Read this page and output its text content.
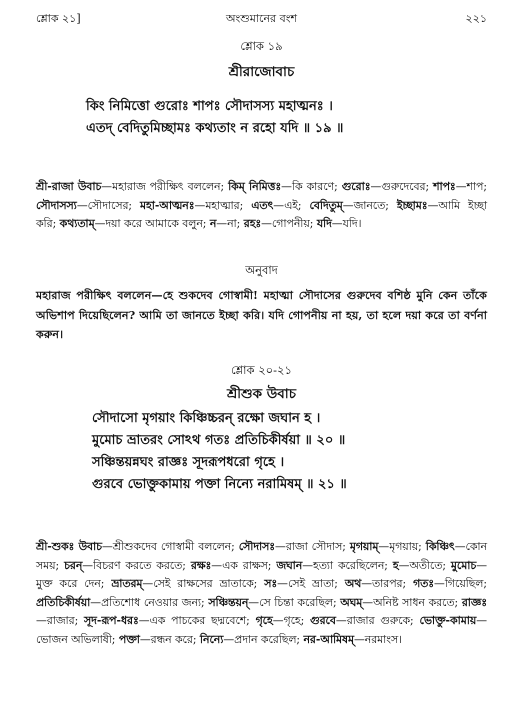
শ্লোক ২১]	অংশুমানের বংশ	২২১
শ্লোক ১৯
শ্রীরাজোবাচ
কিং নিমিত্তো গুরোঃ শাপঃ সৌদাসস্য মহাত্মনঃ ।
এতদ্ বেদিতুমিচ্ছামঃ কথ্যতাং ন রহো যদি ॥ ১৯ ॥
শ্রী-রাজা উবাচ—মহারাজ পরীক্ষিৎ বললেন; কিম্ নিমিত্তঃ—কি কারণে; গুরোঃ—গুরুদেবের; শাপঃ—শাপ; সৌদাসস্য—সৌদাসের; মহা-আত্মনঃ—মহাত্মার; এতৎ—এই; বেদিতুম্—জানতে; ইচ্ছামঃ—আমি ইচ্ছা করি; কথ্যতাম্—দয়া করে আমাকে বলুন; ন—না; রহঃ—গোপনীয়; যদি—যদি।
অনুবাদ
মহারাজ পরীক্ষিৎ বললেন—হে শুকদেব গোস্বামী! মহাত্মা সৌদাসের গুরুদেব বশিষ্ঠ মুনি কেন তাঁকে অভিশাপ দিয়েছিলেন? আমি তা জানতে ইচ্ছা করি। যদি গোপনীয় না হয়, তা হলে দয়া করে তা বর্ণনা করুন।
শ্লোক ২০-২১
শ্রীশুক উবাচ
সৌদাসো মৃগয়াং কিঞ্চিচ্চরন্ রক্ষো জঘান হ ।
মুমোচ ভ্রাতরং সোঽথ গতঃ প্রতিচিকীর্ষয়া ॥ ২০ ॥
সঞ্চিন্তয়ন্নঘং রাজ্ঞঃ সূদরূপধরো গৃহে ।
গুরবে ভোক্তুকামায় পক্তা নিন্যে নরামিষম্ ॥ ২১ ॥
শ্রী-শুকঃ উবাচ—শ্রীশুকদেব গোস্বামী বললেন; সৌদাসঃ—রাজা সৌদাস; মৃগয়াম্—মৃগয়ায়; কিঞ্চিৎ—কোন সময়; চরন্—বিচরণ করতে করতে; রক্ষঃ—এক রাক্ষস; জঘান—হত্যা করেছিলেন; হ—অতীতে; মুমোচ—মুক্ত করে দেন; ভ্রাতরম্—সেই রাক্ষসের ভ্রাতাকে; সঃ—সেই ভ্রাতা; অথ—তারপর; গতঃ—গিয়েছিল; প্রতিচিকীর্ষয়া—প্রতিশোধ নেওয়ার জন্য; সঞ্চিন্তয়ন্—সে চিন্তা করেছিল; অঘম্—অনিষ্ট সাধন করতে; রাজ্ঞঃ—রাজার; সূদ-রূপ-ধরঃ—এক পাচকের ছদ্মবেশে; গৃহে—গৃহে; গুরবে—রাজার গুরুকে; ভোক্তু-কামায়—ভোজন অভিলাষী; পক্তা—রন্ধন করে; নিন্যে—প্রদান করেছিল; নর-আমিষম্—নরমাংস।
